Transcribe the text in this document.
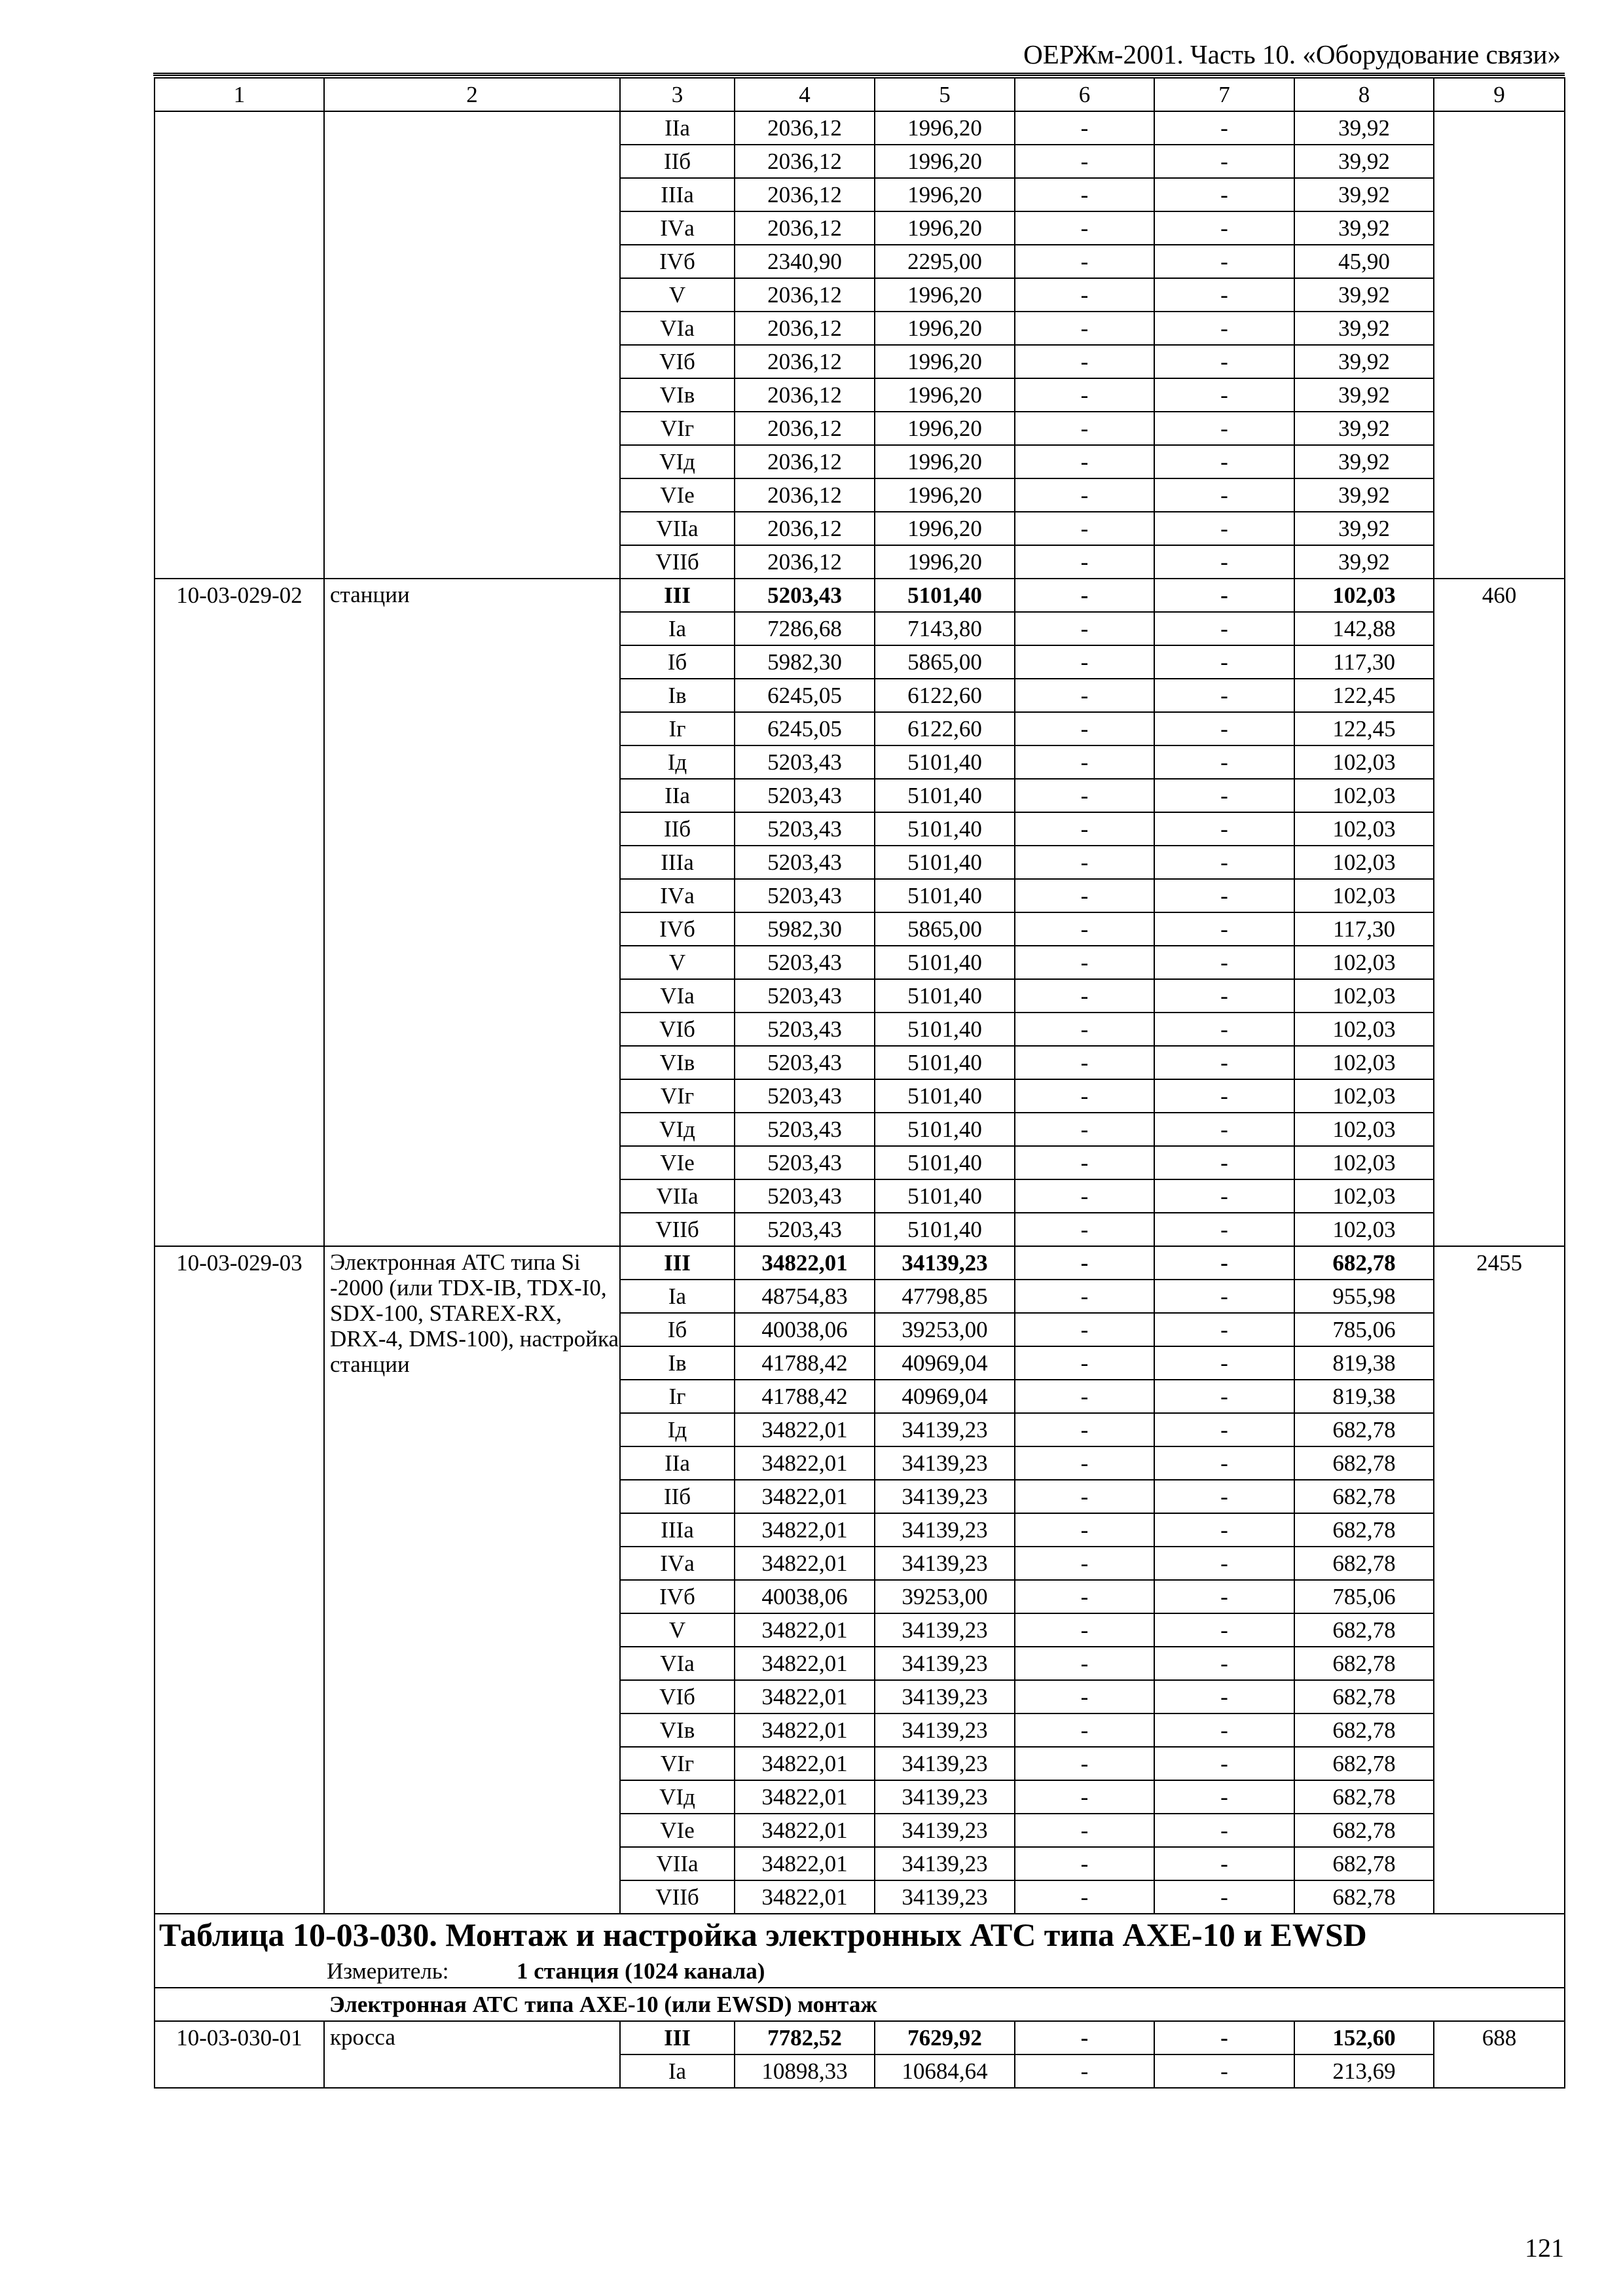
ОЕРЖм-2001. Часть 10. «Оборудование связи»
1	2	3	4	5	6	7	8	9
		IIа	2036,12	1996,20	-	-	39,92	
		IIб	2036,12	1996,20	-	-	39,92	
		IIIа	2036,12	1996,20	-	-	39,92	
		IVа	2036,12	1996,20	-	-	39,92	
		IVб	2340,90	2295,00	-	-	45,90	
		V	2036,12	1996,20	-	-	39,92	
		VIа	2036,12	1996,20	-	-	39,92	
		VIб	2036,12	1996,20	-	-	39,92	
		VIв	2036,12	1996,20	-	-	39,92	
		VIг	2036,12	1996,20	-	-	39,92	
		VIд	2036,12	1996,20	-	-	39,92	
		VIе	2036,12	1996,20	-	-	39,92	
		VIIа	2036,12	1996,20	-	-	39,92	
		VIIб	2036,12	1996,20	-	-	39,92	
10-03-029-02	станции	III	5203,43	5101,40	-	-	102,03	460
		Iа	7286,68	7143,80	-	-	142,88	
		Iб	5982,30	5865,00	-	-	117,30	
		Iв	6245,05	6122,60	-	-	122,45	
		Iг	6245,05	6122,60	-	-	122,45	
		Iд	5203,43	5101,40	-	-	102,03	
		IIа	5203,43	5101,40	-	-	102,03	
		IIб	5203,43	5101,40	-	-	102,03	
		IIIа	5203,43	5101,40	-	-	102,03	
		IVа	5203,43	5101,40	-	-	102,03	
		IVб	5982,30	5865,00	-	-	117,30	
		V	5203,43	5101,40	-	-	102,03	
		VIа	5203,43	5101,40	-	-	102,03	
		VIб	5203,43	5101,40	-	-	102,03	
		VIв	5203,43	5101,40	-	-	102,03	
		VIг	5203,43	5101,40	-	-	102,03	
		VIд	5203,43	5101,40	-	-	102,03	
		VIе	5203,43	5101,40	-	-	102,03	
		VIIа	5203,43	5101,40	-	-	102,03	
		VIIб	5203,43	5101,40	-	-	102,03	
10-03-029-03	Электронная АТС типа Si -2000 (или TDX-IB, TDX-I0, SDX-100, STAREX-RX, DRX-4, DMS-100), настройка станции	III	34822,01	34139,23	-	-	682,78	2455
		Iа	48754,83	47798,85	-	-	955,98	
		Iб	40038,06	39253,00	-	-	785,06	
		Iв	41788,42	40969,04	-	-	819,38	
		Iг	41788,42	40969,04	-	-	819,38	
		Iд	34822,01	34139,23	-	-	682,78	
		IIа	34822,01	34139,23	-	-	682,78	
		IIб	34822,01	34139,23	-	-	682,78	
		IIIа	34822,01	34139,23	-	-	682,78	
		IVа	34822,01	34139,23	-	-	682,78	
		IVб	40038,06	39253,00	-	-	785,06	
		V	34822,01	34139,23	-	-	682,78	
		VIа	34822,01	34139,23	-	-	682,78	
		VIб	34822,01	34139,23	-	-	682,78	
		VIв	34822,01	34139,23	-	-	682,78	
		VIг	34822,01	34139,23	-	-	682,78	
		VIд	34822,01	34139,23	-	-	682,78	
		VIе	34822,01	34139,23	-	-	682,78	
		VIIа	34822,01	34139,23	-	-	682,78	
		VIIб	34822,01	34139,23	-	-	682,78	
Таблица 10-03-030. Монтаж и настройка электронных АТС типа AXE-10 и EWSD								
Измеритель: 1 станция (1024 канала)								
	Электронная АТС типа AXE-10 (или EWSD) монтаж							
10-03-030-01	кросса	III	7782,52	7629,92	-	-	152,60	688
		Iа	10898,33	10684,64	-	-	213,69	
121
